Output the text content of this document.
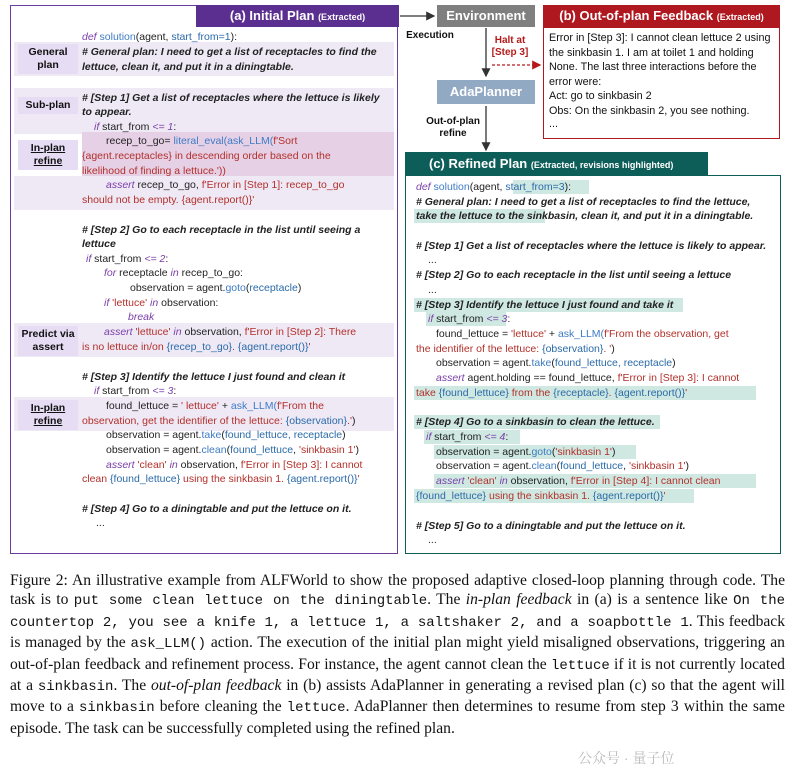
(a) Initial Plan (Extracted)
General plan
Sub-plan
In-plan refine
Predict via assert
In-plan refine
def solution(agent, start_from=1):
# General plan: I need to get a list of receptacles to find the
lettuce, clean it, and put it in a diningtable.
# [Step 1] Get a list of receptacles where the lettuce is likely
to appear.
if start_from <= 1:
recep_to_go= literal_eval(ask_LLM(f'Sort
{agent.receptacles} in descending order based on the
likelihood of finding a lettuce.'))
assert recep_to_go, f'Error in [Step 1]: recep_to_go
should not be empty. {agent.report()}'
# [Step 2] Go to each receptacle in the list until seeing a
lettuce
if start_from <= 2:
for receptacle in recep_to_go:
observation = agent.goto(receptacle)
if 'lettuce' in observation:
break
assert 'lettuce' in observation, f'Error in [Step 2]: There
is no lettuce in/on {recep_to_go}. {agent.report()}'
# [Step 3] Identify the lettuce I just found and clean it
if start_from <= 3:
found_lettuce = ' lettuce' + ask_LLM(f'From the
observation, get the identifier of the lettuce: {observation}.')
observation = agent.take(found_lettuce, receptacle)
observation = agent.clean(found_lettuce, 'sinkbasin 1')
assert 'clean' in observation, f'Error in [Step 3]: I cannot
clean {found_lettuce} using the sinkbasin 1. {agent.report()}'
# [Step 4] Go to a diningtable and put the lettuce on it.
...
Environment
Execution	Halt at
[Step 3]
AdaPlanner
Out-of-plan refine
(b) Out-of-plan Feedback (Extracted)
Error in [Step 3]: I cannot clean lettuce 2 using the sinkbasin 1. I am at toilet 1 and holding None. The last three interactions before the error were:
Act: go to sinkbasin 2
Obs: On the sinkbasin 2, you see nothing.
...
(c) Refined Plan (Extracted, revisions highlighted)
def solution(agent, start_from=3):
# General plan: I need to get a list of receptacles to find the lettuce,
take the lettuce to the sinkbasin, clean it, and put it in a diningtable.
# [Step 1] Get a list of receptacles where the lettuce is likely to appear.
...
# [Step 2] Go to each receptacle in the list until seeing a lettuce
...
# [Step 3] Identify the lettuce I just found and take it
if start_from <= 3:
found_lettuce = 'lettuce' + ask_LLM(f'From the observation, get
the identifier of the lettuce: {observation}. ')
observation = agent.take(found_lettuce, receptacle)
assert agent.holding == found_lettuce, f'Error in [Step 3]: I cannot
take {found_lettuce} from the {receptacle}. {agent.report()}'
# [Step 4] Go to a sinkbasin to clean the lettuce.
if start_from <= 4:
observation = agent.goto('sinkbasin 1')
observation = agent.clean(found_lettuce, 'sinkbasin 1')
assert 'clean' in observation, f'Error in [Step 4]: I cannot clean
{found_lettuce} using the sinkbasin 1. {agent.report()}'
# [Step 5] Go to a diningtable and put the lettuce on it.
...
Figure 2: An illustrative example from ALFWorld to show the proposed adaptive closed-loop planning through code. The task is to put some clean lettuce on the diningtable. The in-plan feedback in (a) is a sentence like On the countertop 2, you see a knife 1, a lettuce 1, a saltshaker 2, and a soapbottle 1. This feedback is managed by the ask_LLM() action. The execution of the initial plan might yield misaligned observations, triggering an out-of-plan feedback and refinement process. For instance, the agent cannot clean the lettuce if it is not currently located at a sinkbasin. The out-of-plan feedback in (b) assists AdaPlanner in generating a revised plan (c) so that the agent will move to a sinkbasin before cleaning the lettuce. AdaPlanner then determines to resume from step 3 within the same episode. The task can be successfully completed using the refined plan.
公众号 · 量子位
